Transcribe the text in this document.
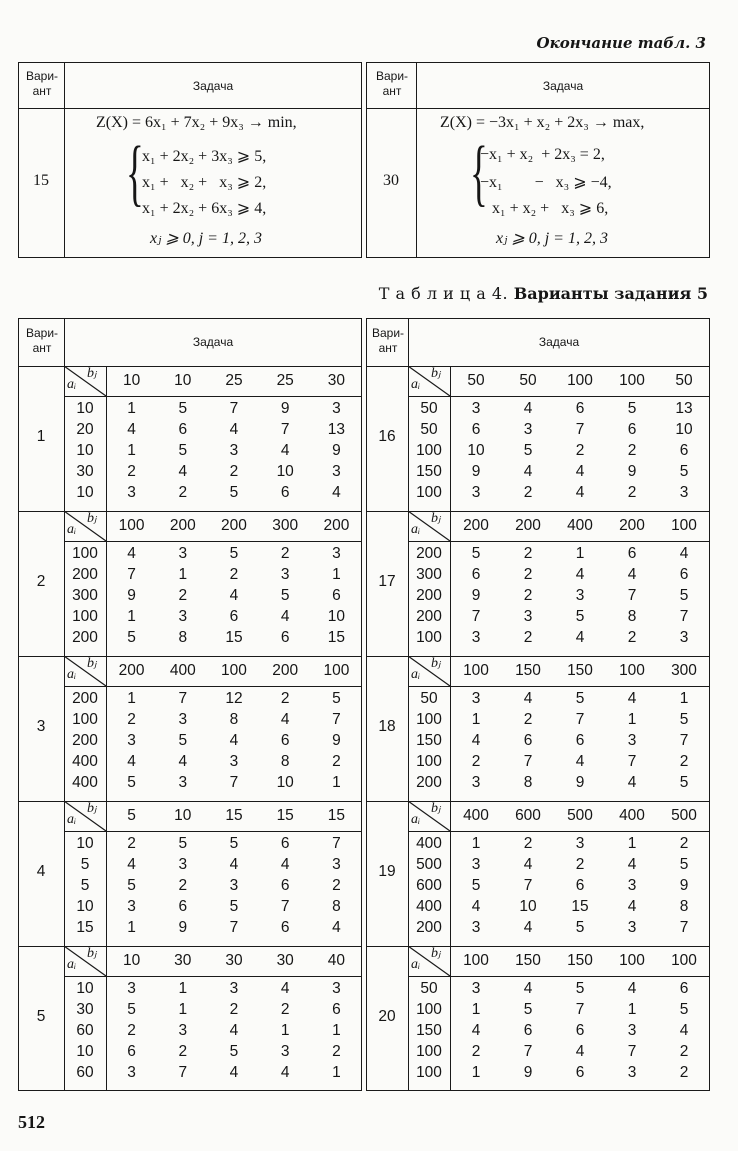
Окончание табл. 3
Вари-
ант	Задача
15
Z(X) = 6x₁ + 7x₂ + 9x₃ → min,
{
x₁ + 2x₂ + 3x₃ ⩾ 5,
x₁ +   x₂ +   x₃ ⩾ 2,
x₁ + 2x₂ + 6x₃ ⩾ 4,
xⱼ ⩾ 0, j = 1, 2, 3
Вари-
ант	Задача
30
Z(X) = −3x₁ + x₂ + 2x₃ → max,
{
−x₁ + x₂  + 2x₃ = 2,
−x₁        −   x₃ ⩾ −4,
x₁ + x₂ +   x₃ ⩾ 6,
xⱼ ⩾ 0, j = 1, 2, 3
Т а б л и ц а 4. Варианты задания 5
Вари-
ант	Задача
1
aᵢ
bⱼ	10	10	25	25	30
10	1	5	7	9	3
20	4	6	4	7	13
10	1	5	3	4	9
30	2	4	2	10	3
10	3	2	5	6	4
2
aᵢ
bⱼ	100	200	200	300	200
100	4	3	5	2	3
200	7	1	2	3	1
300	9	2	4	5	6
100	1	3	6	4	10
200	5	8	15	6	15
3
aᵢ
bⱼ	200	400	100	200	100
200	1	7	12	2	5
100	2	3	8	4	7
200	3	5	4	6	9
400	4	4	3	8	2
400	5	3	7	10	1
4
aᵢ
bⱼ	5	10	15	15	15
10	2	5	5	6	7
5	4	3	4	4	3
5	5	2	3	6	2
10	3	6	5	7	8
15	1	9	7	6	4
5
aᵢ
bⱼ	10	30	30	30	40
10	3	1	3	4	3
30	5	1	2	2	6
60	2	3	4	1	1
10	6	2	5	3	2
60	3	7	4	4	1
Вари-
ант	Задача
16
aᵢ
bⱼ	50	50	100	100	50
50	3	4	6	5	13
50	6	3	7	6	10
100	10	5	2	2	6
150	9	4	4	9	5
100	3	2	4	2	3
17
aᵢ
bⱼ	200	200	400	200	100
200	5	2	1	6	4
300	6	2	4	4	6
200	9	2	3	7	5
200	7	3	5	8	7
100	3	2	4	2	3
18
aᵢ
bⱼ	100	150	150	100	300
50	3	4	5	4	1
100	1	2	7	1	5
150	4	6	6	3	7
100	2	7	4	7	2
200	3	8	9	4	5
19
aᵢ
bⱼ	400	600	500	400	500
400	1	2	3	1	2
500	3	4	2	4	5
600	5	7	6	3	9
400	4	10	15	4	8
200	3	4	5	3	7
20
aᵢ
bⱼ	100	150	150	100	100
50	3	4	5	4	6
100	1	5	7	1	5
150	4	6	6	3	4
100	2	7	4	7	2
100	1	9	6	3	2
512
